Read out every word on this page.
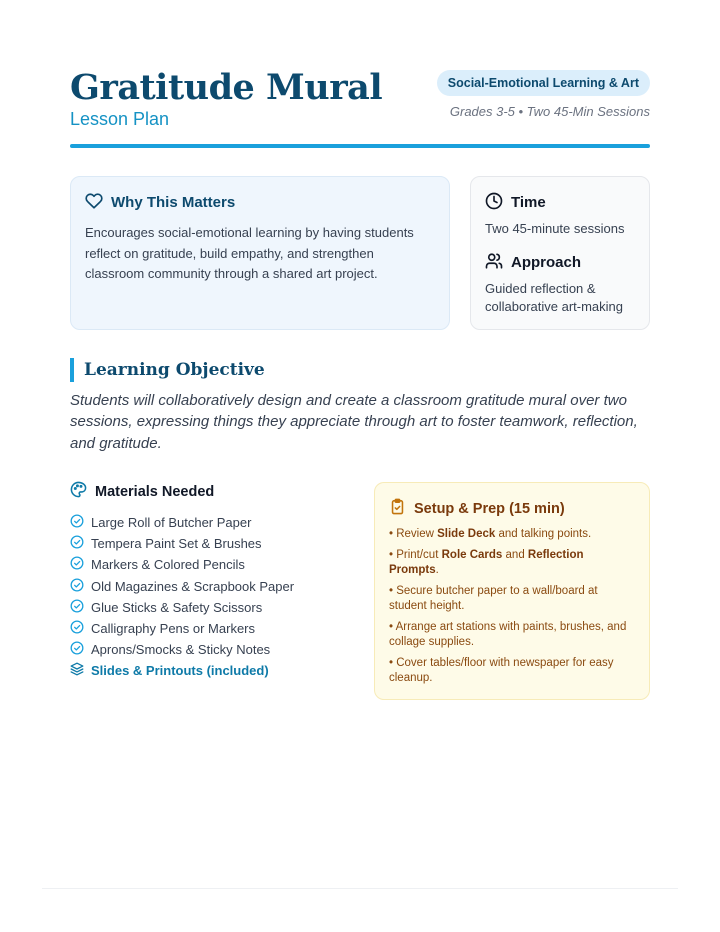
Gratitude Mural
Lesson Plan
Social-Emotional Learning & Art
Grades 3-5 • Two 45-Min Sessions
Why This Matters

Encourages social-emotional learning by having students reflect on gratitude, build empathy, and strengthen classroom community through a shared art project.

Time

Two 45-minute sessions

Approach

Guided reflection & collaborative art-making

Learning Objective

Students will collaboratively design and create a classroom gratitude mural over two sessions, expressing things they appreciate through art to foster teamwork, reflection, and gratitude.

Materials Needed
Large Roll of Butcher Paper
Tempera Paint Set & Brushes
Markers & Colored Pencils
Old Magazines & Scrapbook Paper
Glue Sticks & Safety Scissors
Calligraphy Pens or Markers
Aprons/Smocks & Sticky Notes
Slides & Printouts (included)
Setup & Prep (15 min)
• Review Slide Deck and talking points.
• Print/cut Role Cards and Reflection Prompts.
• Secure butcher paper to a wall/board at student height.
• Arrange art stations with paints, brushes, and collage supplies.
• Cover tables/floor with newspaper for easy cleanup.
